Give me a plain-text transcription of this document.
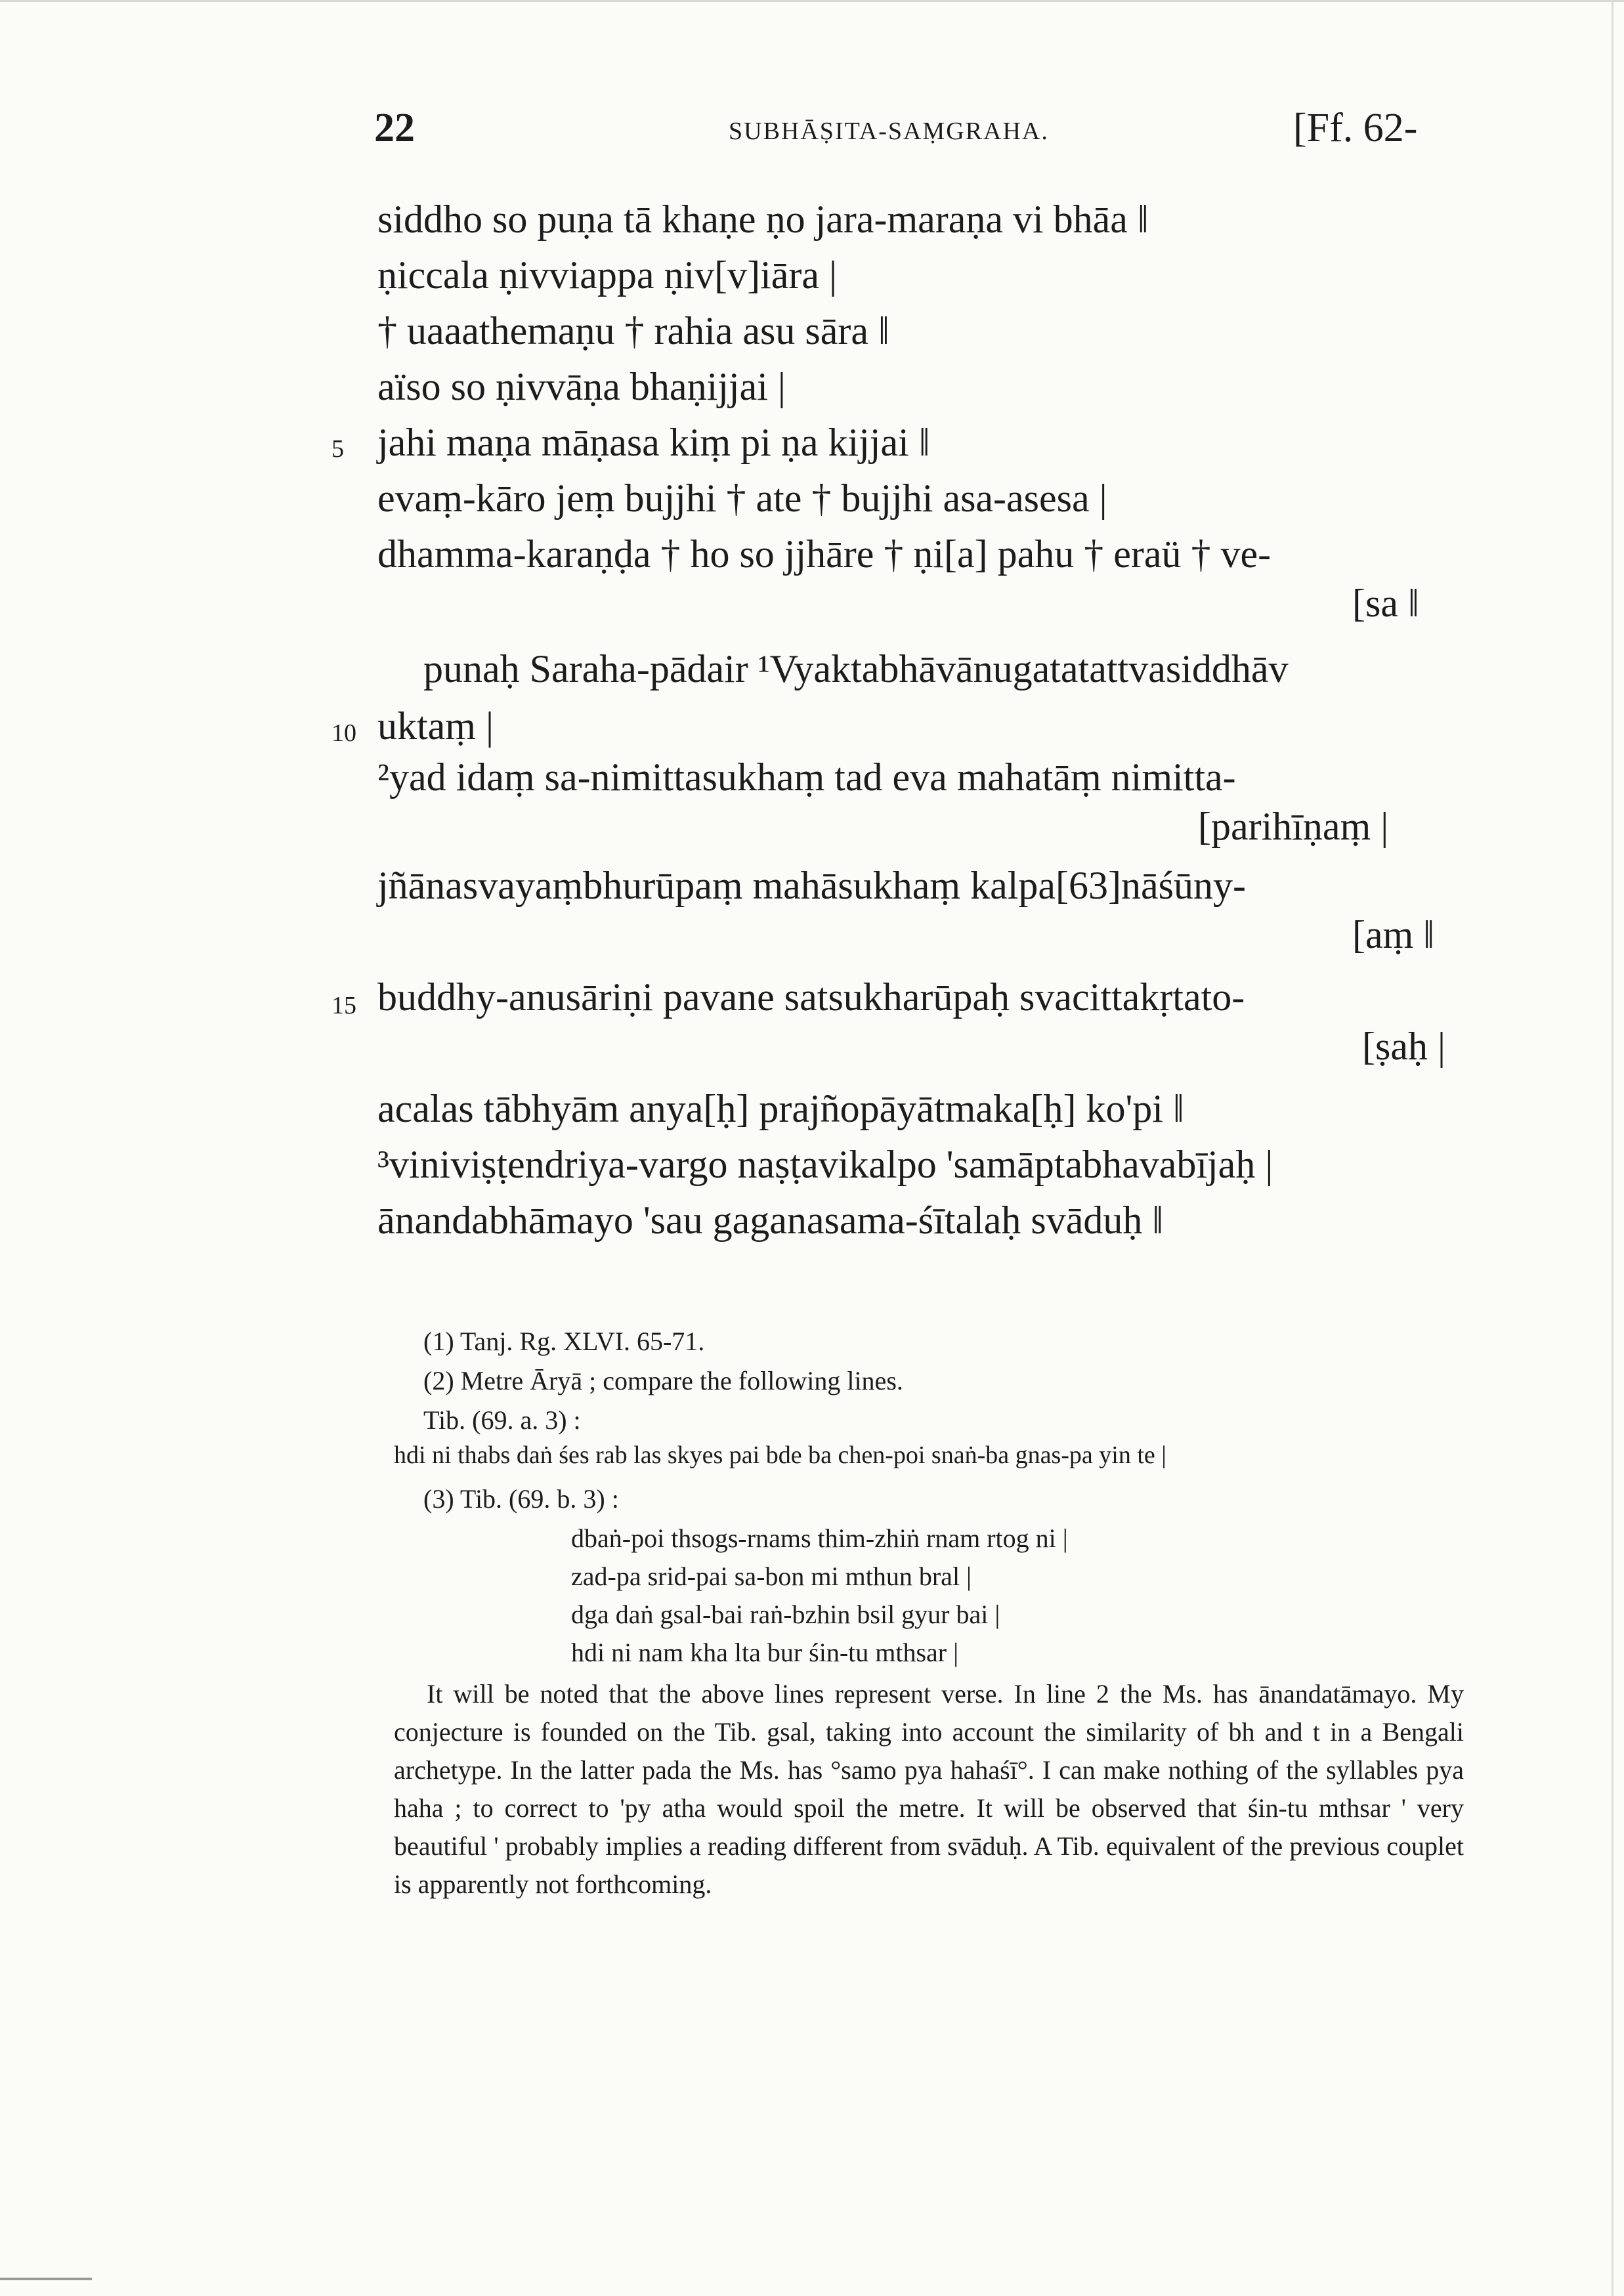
22	SUBHĀṢITA-SAṂGRAHA.	[Ff. 62-
siddho so puṇa tā khaṇe ṇo jara-maraṇa vi bhāa ‖
ṇiccala ṇivviappa ṇiv[v]iāra |
† uaaathemaṇu † rahia asu sāra ‖
aïso so ṇivvāṇa bhaṇijjai |
5 jahi maṇa māṇasa kiṃ pi ṇa kijjai ‖
evaṃ-kāro jeṃ bujjhi † ate † bujjhi asa-asesa |
dhamma-karaṇḍa † ho so jjhāre † ṇi[a] pahu † eraü † ve-
[sa ‖
punaḥ Saraha-pādair ¹Vyaktabhāvānugatatattvasiddhāv
10 uktaṃ |
²yad idaṃ sa-nimittasukhaṃ tad eva mahatāṃ nimitta-
[parihīṇaṃ |
jñānasvayaṃbhurūpaṃ mahāsukhaṃ kalpa[63]nāśūny-
[aṃ ‖
15 buddhy-anusāriṇi pavane satsukharūpaḥ svacittakṛtato-
[ṣaḥ |
acalas tābhyām anya[ḥ] prajñopāyātmaka[ḥ] ko'pi ‖
³viniviṣṭendriya-vargo naṣṭavikalpo 'samāptabhavabījaḥ |
ānandabhāmayo 'sau gaganasama-śītalaḥ svāduḥ ‖
(1) Tanj. Rg. XLVI. 65-71.
(2) Metre Āryā ; compare the following lines.
Tib. (69. a. 3) :
hdi ni thabs daṅ śes rab las skyes pai bde ba chen-poi snaṅ-ba gnas-pa yin te |
(3) Tib. (69. b. 3) :
dbaṅ-poi thsogs-rnams thim-zhiṅ rnam rtog ni |
zad-pa srid-pai sa-bon mi mthun bral |
dga daṅ gsal-bai raṅ-bzhin bsil gyur bai |
hdi ni nam kha lta bur śin-tu mthsar |
It will be noted that the above lines represent verse. In line 2 the Ms. has ānandatāmayo. My conjecture is founded on the Tib. gsal, taking into account the similarity of bh and t in a Bengali archetype. In the latter pada the Ms. has °samo pya hahaśī°. I can make nothing of the syllables pya haha ; to correct to 'py atha would spoil the metre. It will be observed that śin-tu mthsar ' very beautiful ' probably implies a reading different from svāduḥ. A Tib. equivalent of the previous couplet is apparently not forthcoming.
